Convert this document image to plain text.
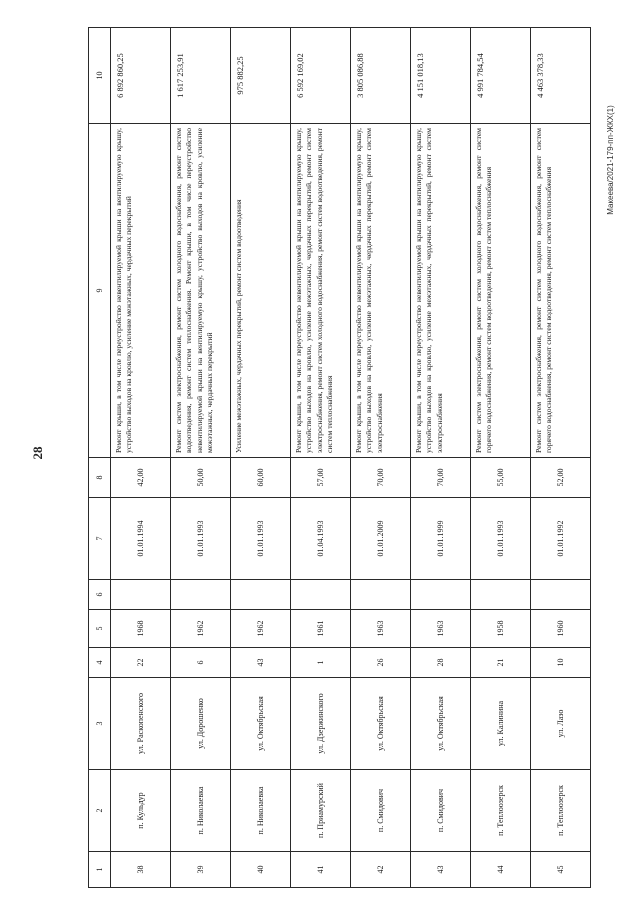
28
1	2	3	4	5	6	7	8	9	10
38	п. Кульдур	ул. Раскопенского	22	1968		01.01.1994	42,00	Ремонт крыши, в том числе переустройство невентилируемой крыши на вентилируемую крышу, устройство выходов на кровлю, усиление межэтажных, чердачных перекрытий	6 892 860,25
39	п. Николаевка	ул. Дорошенко	6	1962		01.01.1993	50,00	Ремонт систем электроснабжения, ремонт систем холодного водоснабжения, ремонт систем водоотведения, ремонт систем теплоснабжения. Ремонт крыши, в том числе переустройство невентилируемой крыши на вентилируемую крышу, устройство выходов на кровлю, усиление межэтажных, чердачных перекрытий	1 617 253,91
40	п. Николаевка	ул. Октябрьская	43	1962		01.01.1993	60,00	Усиление межэтажных, чердачных перекрытий, ремонт систем водоотведения	975 882,25
41	п. Приамурский	ул. Дзержинского	1	1961		01.04.1993	57,00	Ремонт крыши, в том числе переустройство невентилируемой крыши на вентилируемую крышу, устройство выходов на кровлю, усиление межэтажных, чердачных перекрытий, ремонт систем электроснабжения, ремонт систем холодного водоснабжения, ремонт систем водоотведения, ремонт систем теплоснабжения	6 592 169,02
42	п. Смидович	ул. Октябрьская	26	1963		01.01.2009	70,00	Ремонт крыши, в том числе переустройство невентилируемой крыши на вентилируемую крышу, устройство выходов на кровлю, усиление межэтажных, чердачных перекрытий, ремонт систем электроснабжения	3 805 086,88
43	п. Смидович	ул. Октябрьская	28	1963		01.01.1999	70,00	Ремонт крыши, в том числе переустройство невентилируемой крыши на вентилируемую крышу, устройство выходов на кровлю, усиление межэтажных, чердачных перекрытий, ремонт систем электроснабжения	4 151 018,13
44	п. Теплоозерск	ул. Калинина	21	1958		01.01.1993	55,00	Ремонт систем электроснабжения, ремонт систем холодного водоснабжения, ремонт систем горячего водоснабжения, ремонт систем водоотведения, ремонт систем теплоснабжения	4 991 784,54
45	п. Теплоозерск	ул. Лазо	10	1960		01.01.1992	52,00	Ремонт систем электроснабжения, ремонт систем холодного водоснабжения, ремонт систем горячего водоснабжения, ремонт систем водоотведения, ремонт систем теплоснабжения	4 463 378,33
Макеева/2021-179-пп-ЖКХ(1)
